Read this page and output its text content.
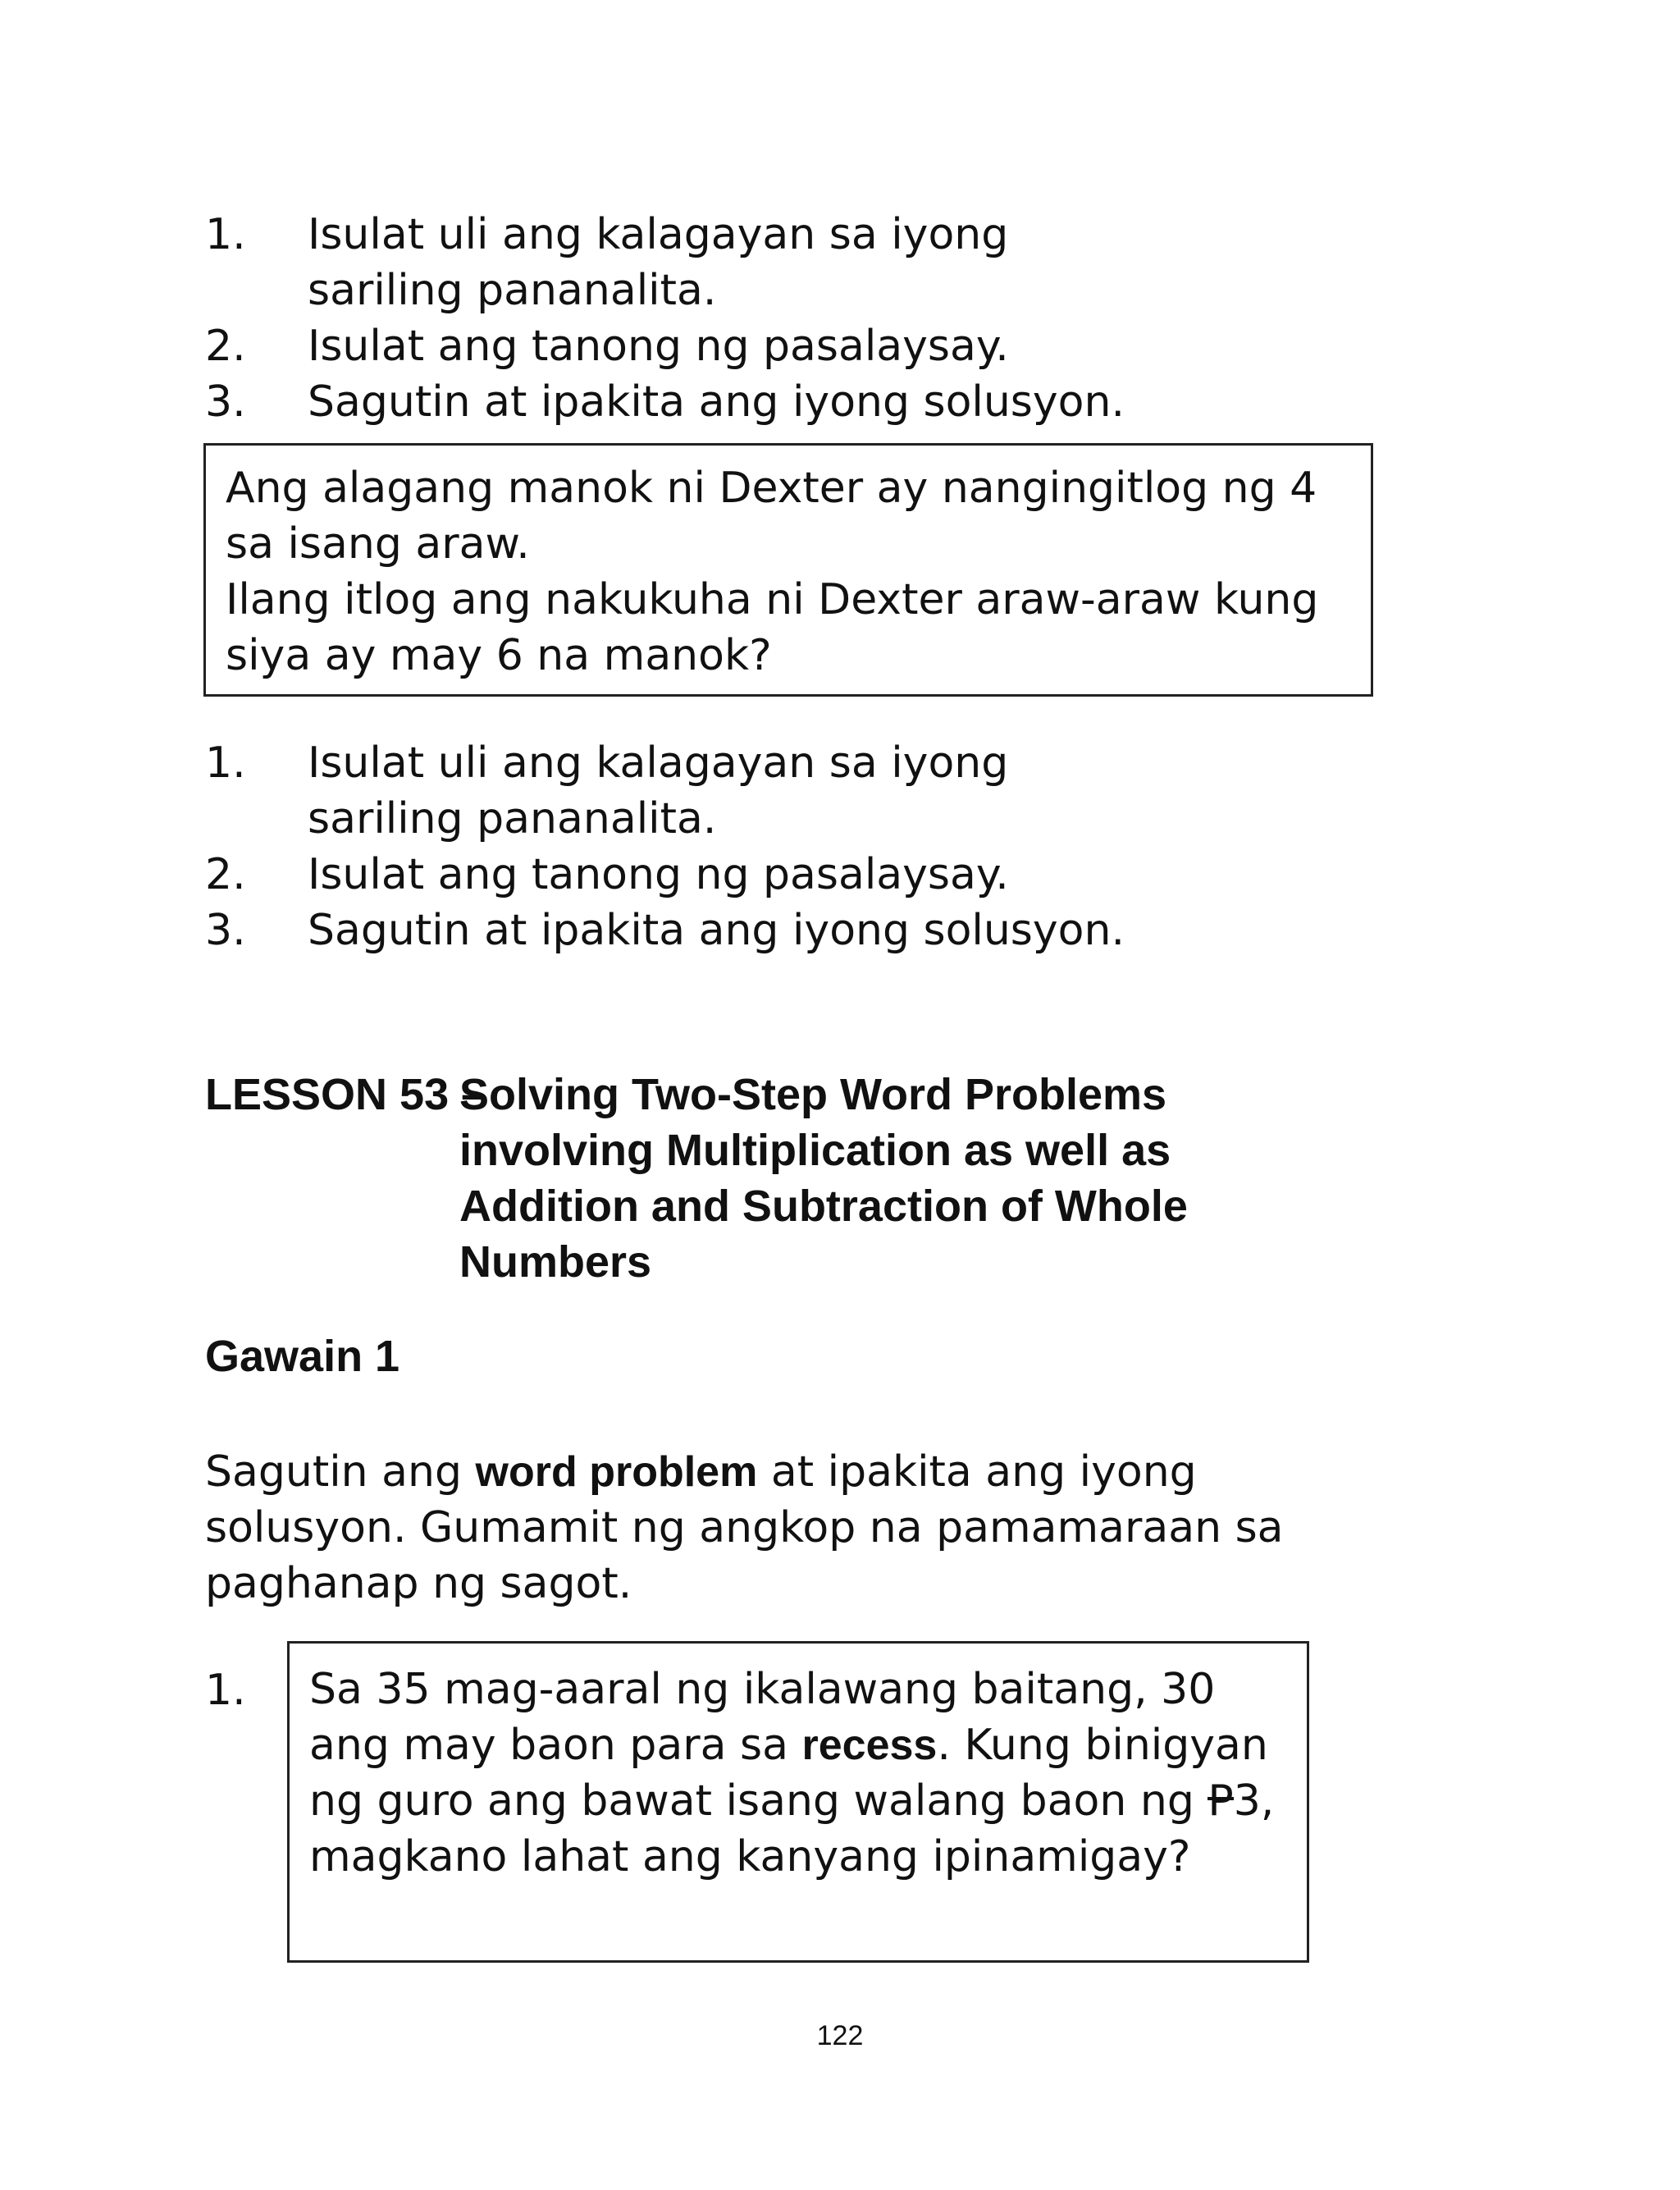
1.	Isulat uli ang kalagayan sa iyong sariling pananalita.
2.	Isulat ang tanong ng pasalaysay.
3.	Sagutin at ipakita ang iyong solusyon.
Ang alagang manok ni Dexter ay nangingitlog ng 4 sa isang araw.
Ilang itlog ang nakukuha ni Dexter araw-araw kung siya ay may 6 na manok?
1.	Isulat uli ang kalagayan sa iyong sariling pananalita.
2.	Isulat ang tanong ng pasalaysay.
3.	Sagutin at ipakita ang iyong solusyon.
LESSON 53 –
Solving Two-Step Word Problems involving Multiplication as well as Addition and Subtraction of Whole Numbers
Gawain 1
Sagutin ang word problem at ipakita ang iyong solusyon. Gumamit ng angkop na pamamaraan sa paghanap ng sagot.
1.	Sa 35 mag-aaral ng ikalawang baitang, 30 ang may baon para sa recess. Kung binigyan ng guro ang bawat isang walang baon ng P3, magkano lahat ang kanyang ipinamigay?
122
